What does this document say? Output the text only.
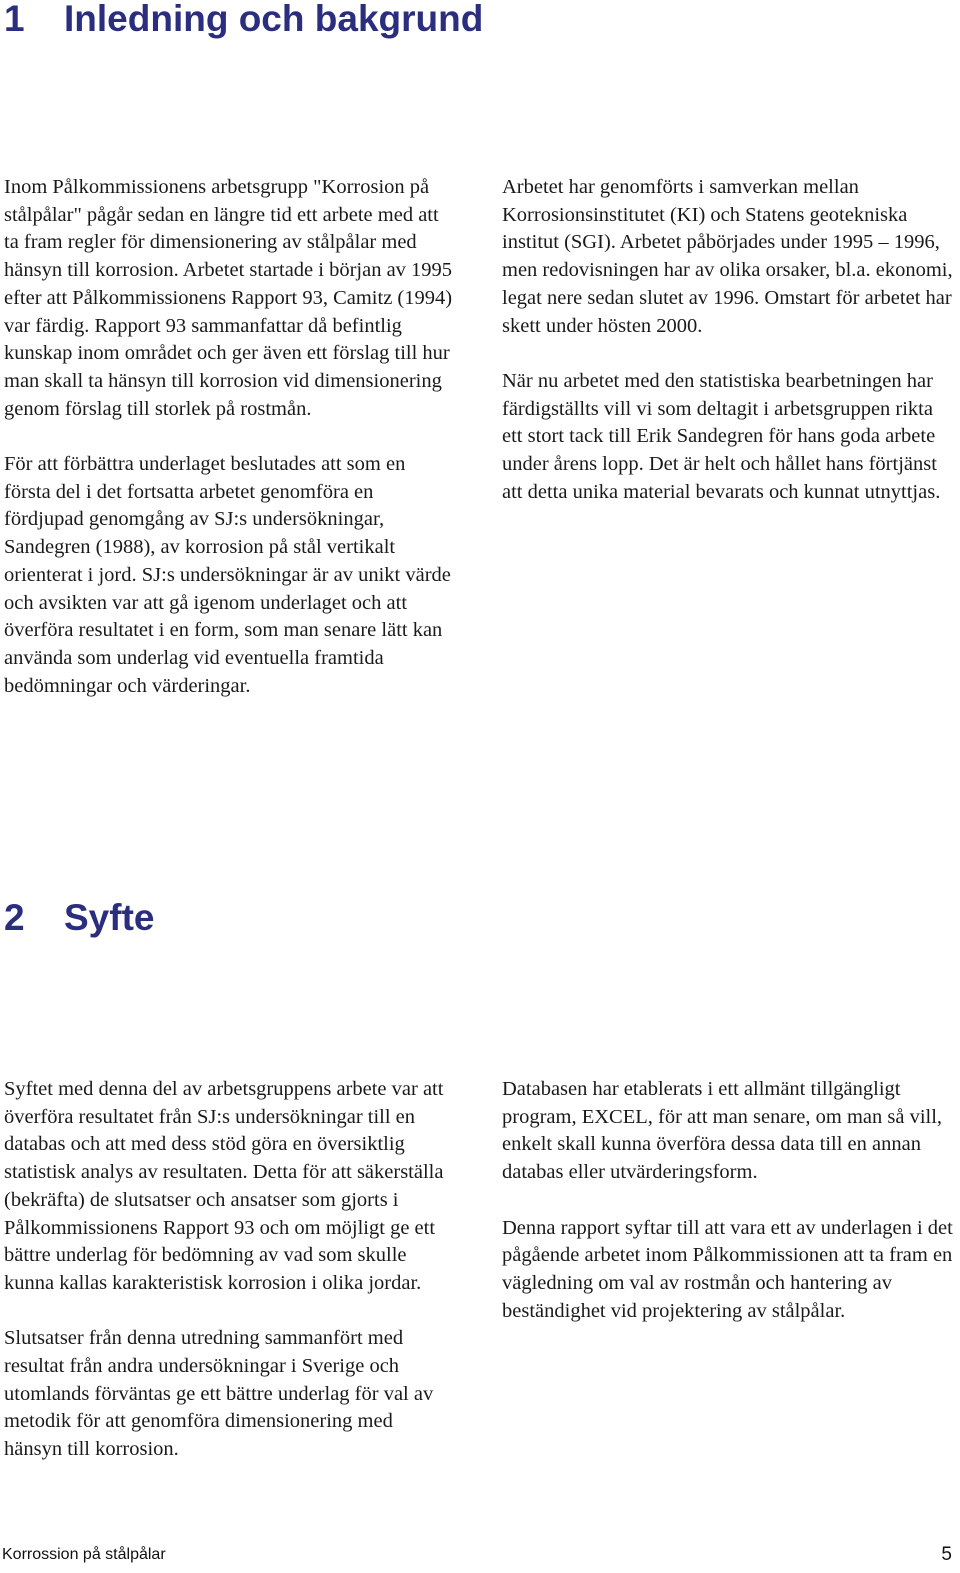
1 Inledning och bakgrund

Inom Pålkommissionens arbetsgrupp "Korrosion på stålpålar" pågår sedan en längre tid ett arbete med att ta fram regler för dimensionering av stålpålar med hänsyn till korrosion. Arbetet startade i början av 1995 efter att Pålkommissionens Rapport 93, Camitz (1994) var färdig. Rapport 93 sammanfattar då befintlig kunskap inom området och ger även ett förslag till hur man skall ta hänsyn till korrosion vid dimensionering genom förslag till storlek på rostmån.

För att förbättra underlaget beslutades att som en första del i det fortsatta arbetet genomföra en fördjupad genomgång av SJ:s undersökningar, Sandegren (1988), av korrosion på stål vertikalt orienterat i jord. SJ:s undersökningar är av unikt värde och avsikten var att gå igenom underlaget och att överföra resultatet i en form, som man senare lätt kan använda som underlag vid eventuella framtida bedömningar och värderingar.

Arbetet har genomförts i samverkan mellan Korrosionsinstitutet (KI) och Statens geotekniska institut (SGI). Arbetet påbörjades under 1995 – 1996, men redovisningen har av olika orsaker, bl.a. ekonomi, legat nere sedan slutet av 1996. Omstart för arbetet har skett under hösten 2000.

När nu arbetet med den statistiska bearbetningen har färdigställts vill vi som deltagit i arbetsgruppen rikta ett stort tack till Erik Sandegren för hans goda arbete under årens lopp. Det är helt och hållet hans förtjänst att detta unika material bevarats och kunnat utnyttjas.

2 Syfte

Syftet med denna del av arbetsgruppens arbete var att överföra resultatet från SJ:s undersökningar till en databas och att med dess stöd göra en översiktlig statistisk analys av resultaten. Detta för att säkerställa (bekräfta) de slutsatser och ansatser som gjorts i Pålkommissionens Rapport 93 och om möjligt ge ett bättre underlag för bedömning av vad som skulle kunna kallas karakteristisk korrosion i olika jordar.

Slutsatser från denna utredning sammanfört med resultat från andra undersökningar i Sverige och utomlands förväntas ge ett bättre underlag för val av metodik för att genomföra dimensionering med hänsyn till korrosion.

Databasen har etablerats i ett allmänt tillgängligt program, EXCEL, för att man senare, om man så vill, enkelt skall kunna överföra dessa data till en annan databas eller utvärderingsform.

Denna rapport syftar till att vara ett av underlagen i det pågående arbetet inom Pålkommissionen att ta fram en vägledning om val av rostmån och hantering av beständighet vid projektering av stålpålar.

Korrossion på stålpålar	5
